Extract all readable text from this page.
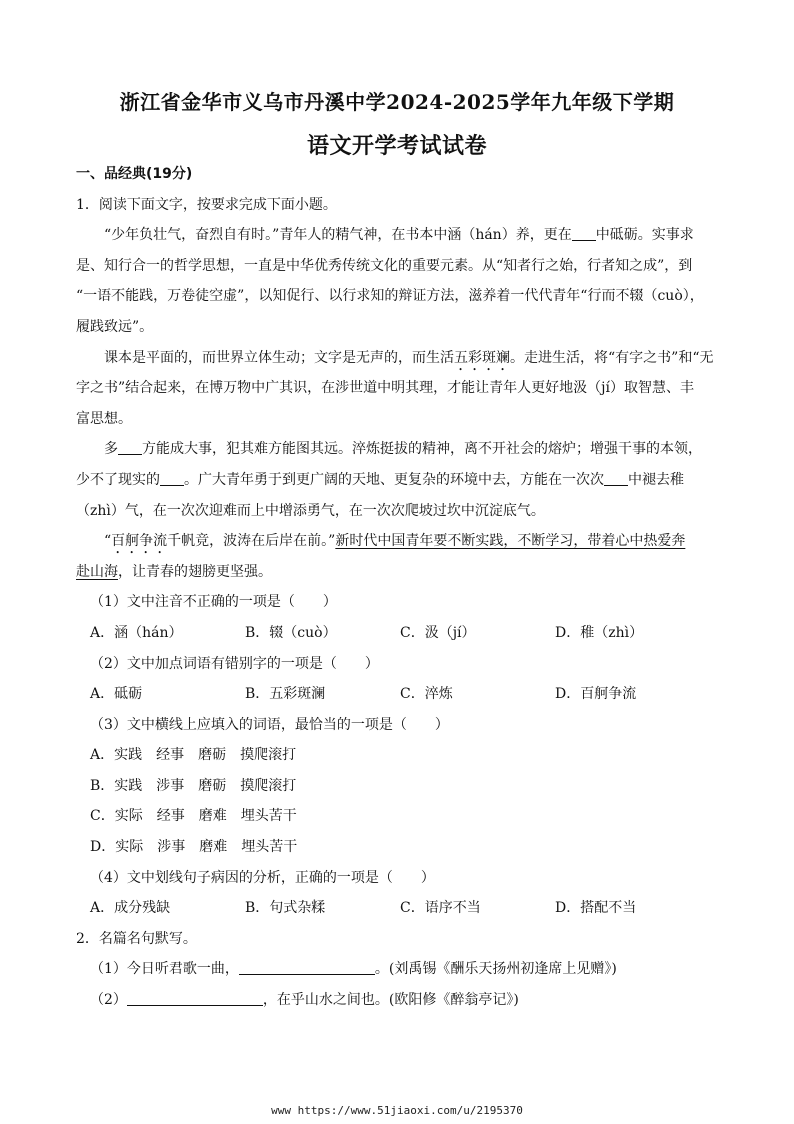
浙江省金华市义乌市丹溪中学2024-2025学年九年级下学期
语文开学考试试卷
一、品经典(19分)
1．阅读下面文字，按要求完成下面小题。
“少年负壮气，奋烈自有时。”青年人的精气神，在书本中涵（hán）养，更在 中砥砺。实事求
是、知行合一的哲学思想，一直是中华优秀传统文化的重要元素。从“知者行之始，行者知之成”，到
“一语不能践，万卷徒空虚”，以知促行、以行求知的辩证方法，滋养着一代代青年“行而不辍（cuò），
履践致远”。
课本是平面的，而世界立体生动；文字是无声的，而生活五彩斑斓。走进生活，将“有字之书”和“无
字之书”结合起来，在博万物中广其识，在涉世道中明其理，才能让青年人更好地汲（jí）取智慧、丰
富思想。
多 方能成大事，犯其难方能图其远。淬炼挺拔的精神，离不开社会的熔炉；增强干事的本领，
少不了现实的 。广大青年勇于到更广阔的天地、更复杂的环境中去，方能在一次次 中褪去稚
（zhì）气，在一次次迎难而上中增添勇气，在一次次爬坡过坎中沉淀底气。
“百舸争流千帆竞，波涛在后岸在前。”新时代中国青年要不断实践，不断学习，带着心中热爱奔
赴山海，让青春的翅膀更坚强。
（1）文中注音不正确的一项是（　　）
A．涵（hán）	B．辍（cuò）	C．汲（jí）	D．稚（zhì）
（2）文中加点词语有错别字的一项是（　　）
A．砥砺	B．五彩斑澜	C．淬炼	D．百舸争流
（3）文中横线上应填入的词语，最恰当的一项是（　　）
A．实践　经事　磨砺　摸爬滚打
B．实践　涉事　磨砺　摸爬滚打
C．实际　经事　磨难　埋头苦干
D．实际　涉事　磨难　埋头苦干
（4）文中划线句子病因的分析，正确的一项是（　　）
A．成分残缺	B．句式杂糅	C．语序不当	D．搭配不当
2．名篇名句默写。
（1）今日听君歌一曲，	。(刘禹锡《酬乐天扬州初逢席上见赠》)
（2）	，在乎山水之间也。(欧阳修《醉翁亭记》)
www https://www.51jiaoxi.com/u/2195370
